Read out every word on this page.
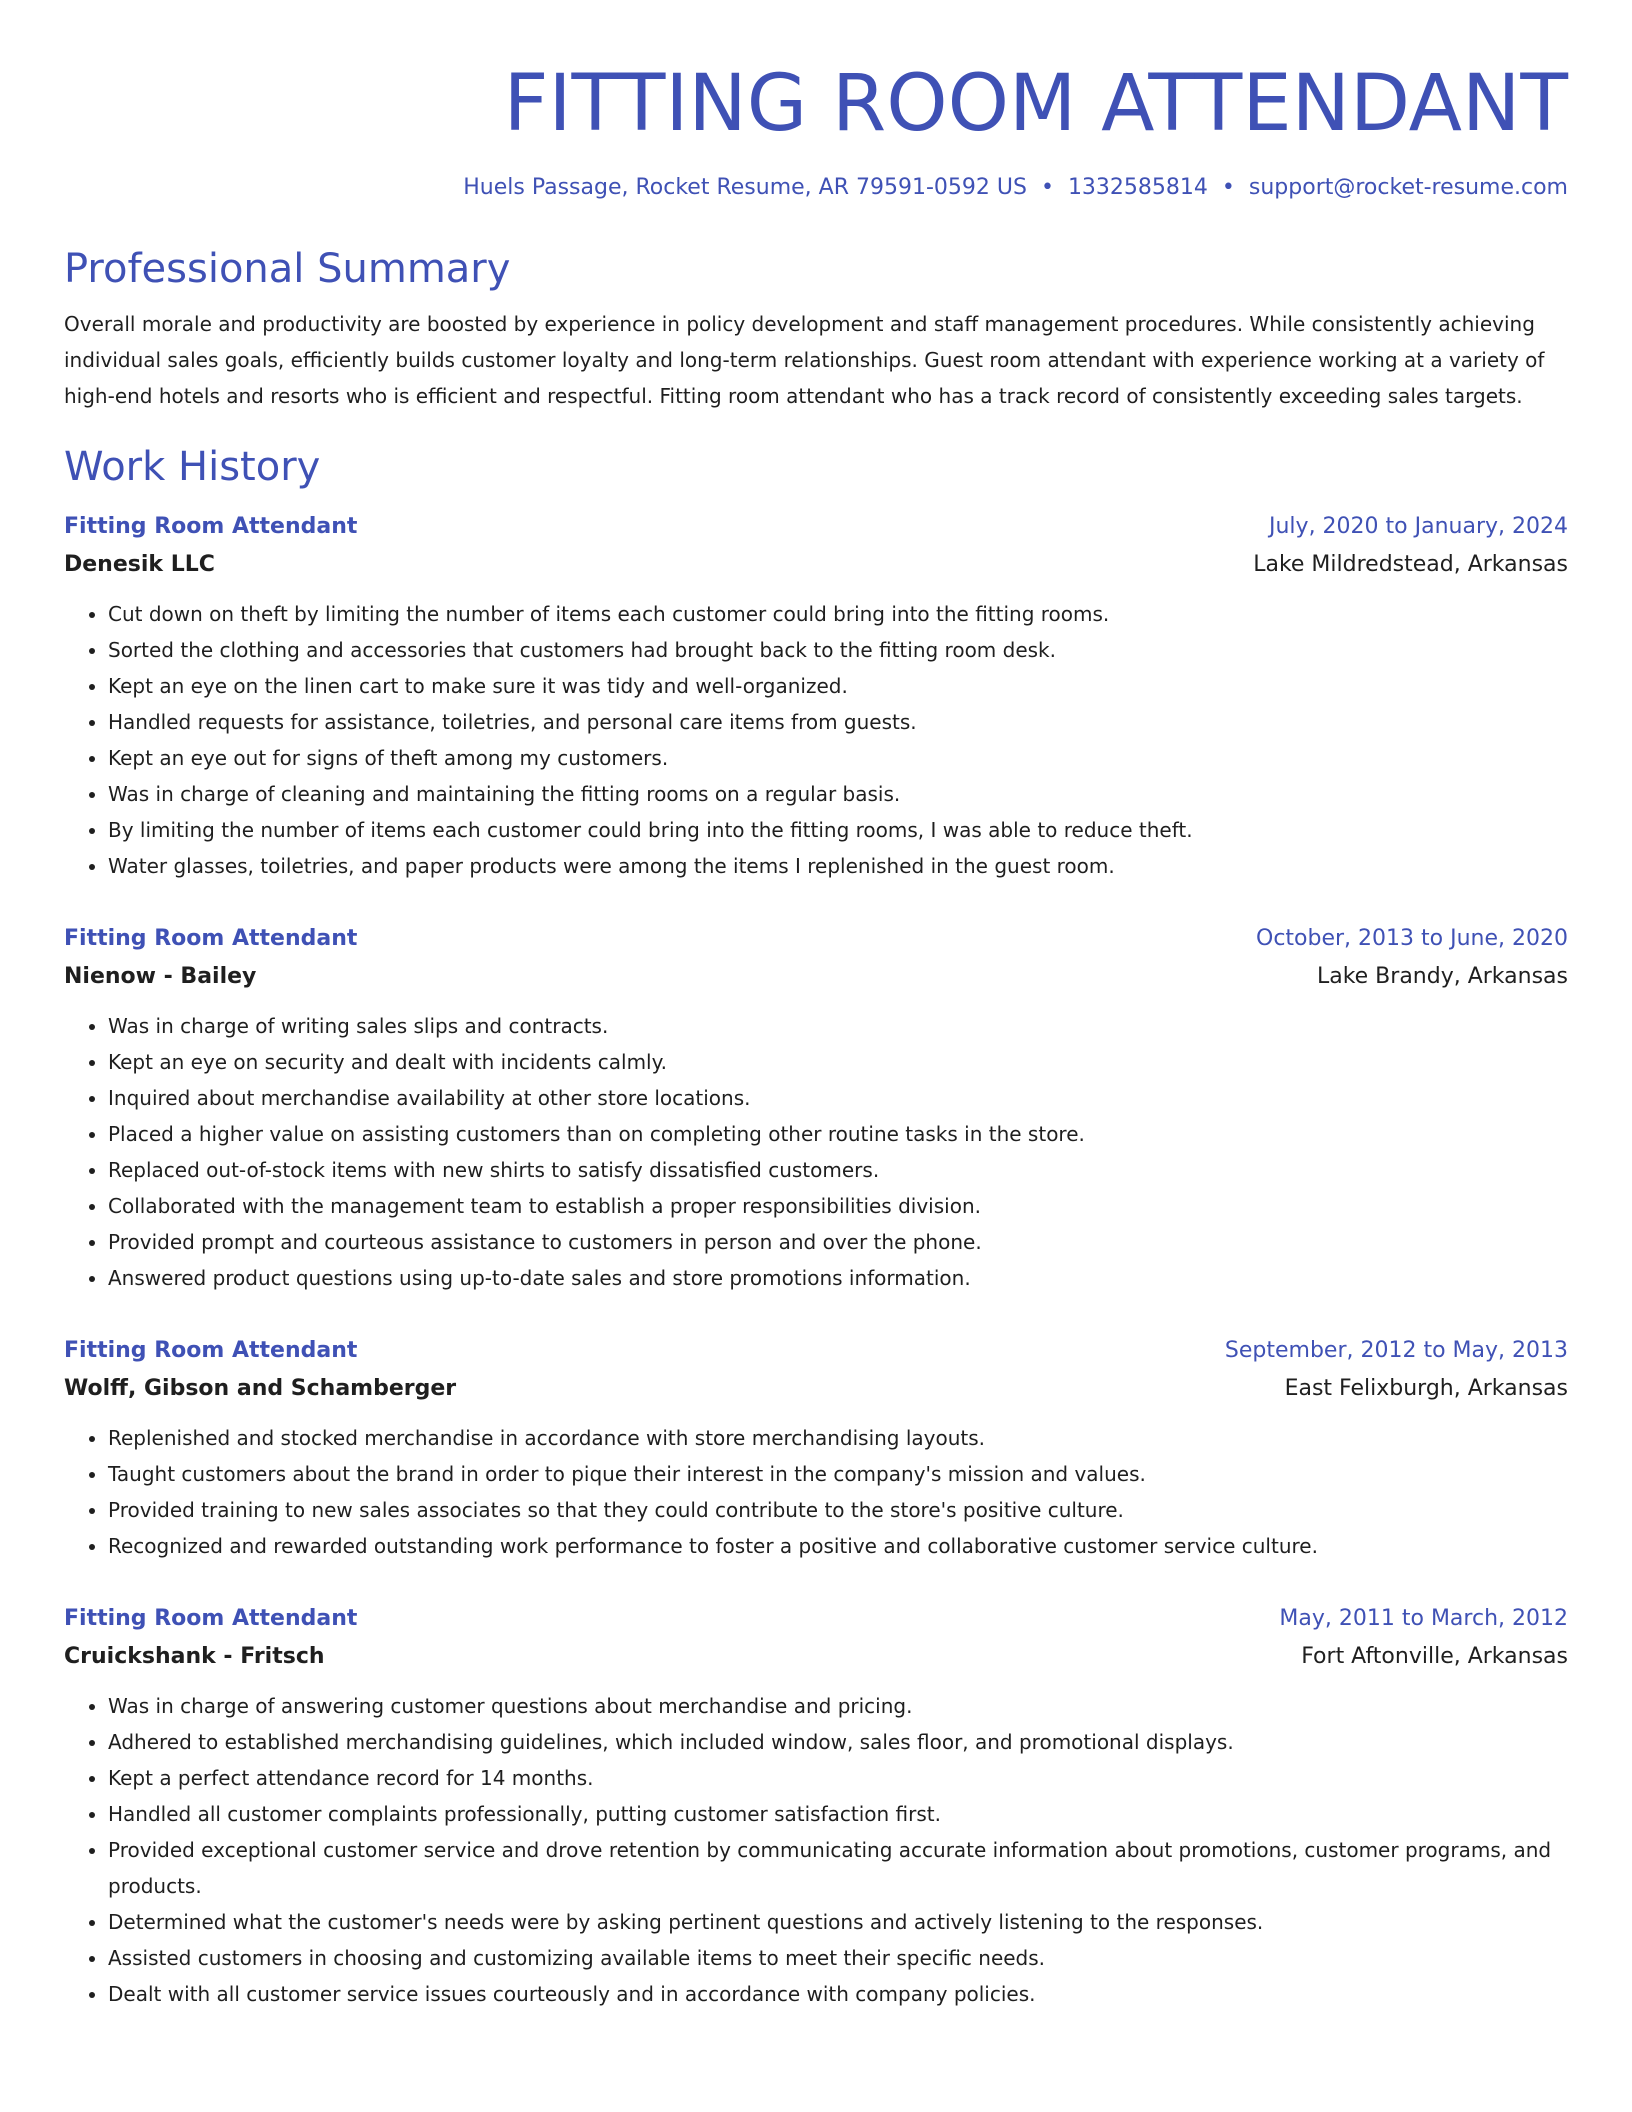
FITTING ROOM ATTENDANT
Huels Passage, Rocket Resume, AR 79591-0592 US • 1332585814 • support@rocket-resume.com
Professional Summary

Overall morale and productivity are boosted by experience in policy development and staff management procedures. While consistently achieving individual sales goals, efficiently builds customer loyalty and long-term relationships. Guest room attendant with experience working at a variety of high-end hotels and resorts who is efficient and respectful. Fitting room attendant who has a track record of consistently exceeding sales targets.

Work History
Fitting Room Attendant	July, 2020 to January, 2024
Denesik LLC	Lake Mildredstead, Arkansas
• Cut down on theft by limiting the number of items each customer could bring into the fitting rooms.
• Sorted the clothing and accessories that customers had brought back to the fitting room desk.
• Kept an eye on the linen cart to make sure it was tidy and well-organized.
• Handled requests for assistance, toiletries, and personal care items from guests.
• Kept an eye out for signs of theft among my customers.
• Was in charge of cleaning and maintaining the fitting rooms on a regular basis.
• By limiting the number of items each customer could bring into the fitting rooms, I was able to reduce theft.
• Water glasses, toiletries, and paper products were among the items I replenished in the guest room.
Fitting Room Attendant	October, 2013 to June, 2020
Nienow - Bailey	Lake Brandy, Arkansas
• Was in charge of writing sales slips and contracts.
• Kept an eye on security and dealt with incidents calmly.
• Inquired about merchandise availability at other store locations.
• Placed a higher value on assisting customers than on completing other routine tasks in the store.
• Replaced out-of-stock items with new shirts to satisfy dissatisfied customers.
• Collaborated with the management team to establish a proper responsibilities division.
• Provided prompt and courteous assistance to customers in person and over the phone.
• Answered product questions using up-to-date sales and store promotions information.
Fitting Room Attendant	September, 2012 to May, 2013
Wolff, Gibson and Schamberger	East Felixburgh, Arkansas
• Replenished and stocked merchandise in accordance with store merchandising layouts.
• Taught customers about the brand in order to pique their interest in the company's mission and values.
• Provided training to new sales associates so that they could contribute to the store's positive culture.
• Recognized and rewarded outstanding work performance to foster a positive and collaborative customer service culture.
Fitting Room Attendant	May, 2011 to March, 2012
Cruickshank - Fritsch	Fort Aftonville, Arkansas
• Was in charge of answering customer questions about merchandise and pricing.
• Adhered to established merchandising guidelines, which included window, sales floor, and promotional displays.
• Kept a perfect attendance record for 14 months.
• Handled all customer complaints professionally, putting customer satisfaction first.
• Provided exceptional customer service and drove retention by communicating accurate information about promotions, customer programs, and products.
• Determined what the customer's needs were by asking pertinent questions and actively listening to the responses.
• Assisted customers in choosing and customizing available items to meet their specific needs.
• Dealt with all customer service issues courteously and in accordance with company policies.
